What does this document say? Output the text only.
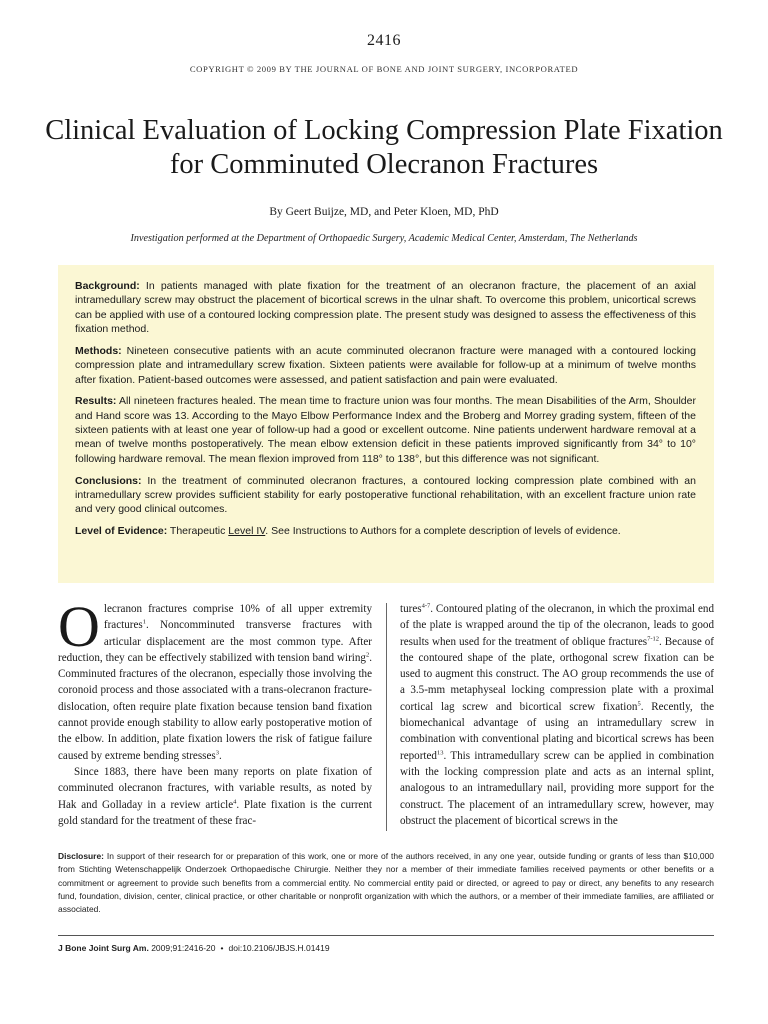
2416
COPYRIGHT © 2009 BY THE JOURNAL OF BONE AND JOINT SURGERY, INCORPORATED
Clinical Evaluation of Locking Compression Plate Fixation for Comminuted Olecranon Fractures
By Geert Buijze, MD, and Peter Kloen, MD, PhD
Investigation performed at the Department of Orthopaedic Surgery, Academic Medical Center, Amsterdam, The Netherlands

Background: In patients managed with plate fixation for the treatment of an olecranon fracture, the placement of an axial intramedullary screw may obstruct the placement of bicortical screws in the ulnar shaft. To overcome this problem, unicortical screws can be applied with use of a contoured locking compression plate. The present study was designed to assess the effectiveness of this fixation method.

Methods: Nineteen consecutive patients with an acute comminuted olecranon fracture were managed with a contoured locking compression plate and intramedullary screw fixation. Sixteen patients were available for follow-up at a minimum of twelve months after fixation. Patient-based outcomes were assessed, and patient satisfaction and pain were evaluated.

Results: All nineteen fractures healed. The mean time to fracture union was four months. The mean Disabilities of the Arm, Shoulder and Hand score was 13. According to the Mayo Elbow Performance Index and the Broberg and Morrey grading system, fifteen of the sixteen patients with at least one year of follow-up had a good or excellent outcome. Nine patients underwent hardware removal at a mean of twelve months postoperatively. The mean elbow extension deficit in these patients improved significantly from 34° to 10° following hardware removal. The mean flexion improved from 118° to 138°, but this difference was not significant.

Conclusions: In the treatment of comminuted olecranon fractures, a contoured locking compression plate combined with an intramedullary screw provides sufficient stability for early postoperative functional rehabilitation, with an excellent fracture union rate and very good clinical outcomes.

Level of Evidence: Therapeutic Level IV. See Instructions to Authors for a complete description of levels of evidence.

Olecranon fractures comprise 10% of all upper extremity fractures$^1$. Noncomminuted transverse fractures with articular displacement are the most common type. After reduction, they can be effectively stabilized with tension band wiring$^2$. Comminuted fractures of the olecranon, especially those involving the coronoid process and those associated with a trans-olecranon fracture-dislocation, often require plate fixation because tension band fixation cannot provide enough stability to allow early postoperative motion of the elbow. In addition, plate fixation lowers the risk of fatigue failure caused by extreme bending stresses$^3$.

Since 1883, there have been many reports on plate fixation of comminuted olecranon fractures, with variable results, as noted by Hak and Golladay in a review article$^4$. Plate fixation is the current gold standard for the treatment of these frac-

tures$^{4-7}$. Contoured plating of the olecranon, in which the proximal end of the plate is wrapped around the tip of the olecranon, leads to good results when used for the treatment of oblique fractures$^{7-12}$. Because of the contoured shape of the plate, orthogonal screw fixation can be used to augment this construct. The AO group recommends the use of a 3.5-mm metaphyseal locking compression plate with a proximal cortical lag screw and bicortical screw fixation$^5$. Recently, the biomechanical advantage of using an intramedullary screw in combination with conventional plating and bicortical screws has been reported$^{13}$. This intramedullary screw can be applied in combination with the locking compression plate and acts as an internal splint, analogous to an intramedullary nail, providing more support for the construct. The placement of an intramedullary screw, however, may obstruct the placement of bicortical screws in the

Disclosure: In support of their research for or preparation of this work, one or more of the authors received, in any one year, outside funding or grants of less than $10,000 from Stichting Wetenschappelijk Onderzoek Orthopaedische Chirurgie. Neither they nor a member of their immediate families received payments or other benefits or a commitment or agreement to provide such benefits from a commercial entity. No commercial entity paid or directed, or agreed to pay or direct, any benefits to any research fund, foundation, division, center, clinical practice, or other charitable or nonprofit organization with which the authors, or a member of their immediate families, are affiliated or associated.
J Bone Joint Surg Am. 2009;91:2416-20 • doi:10.2106/JBJS.H.01419
